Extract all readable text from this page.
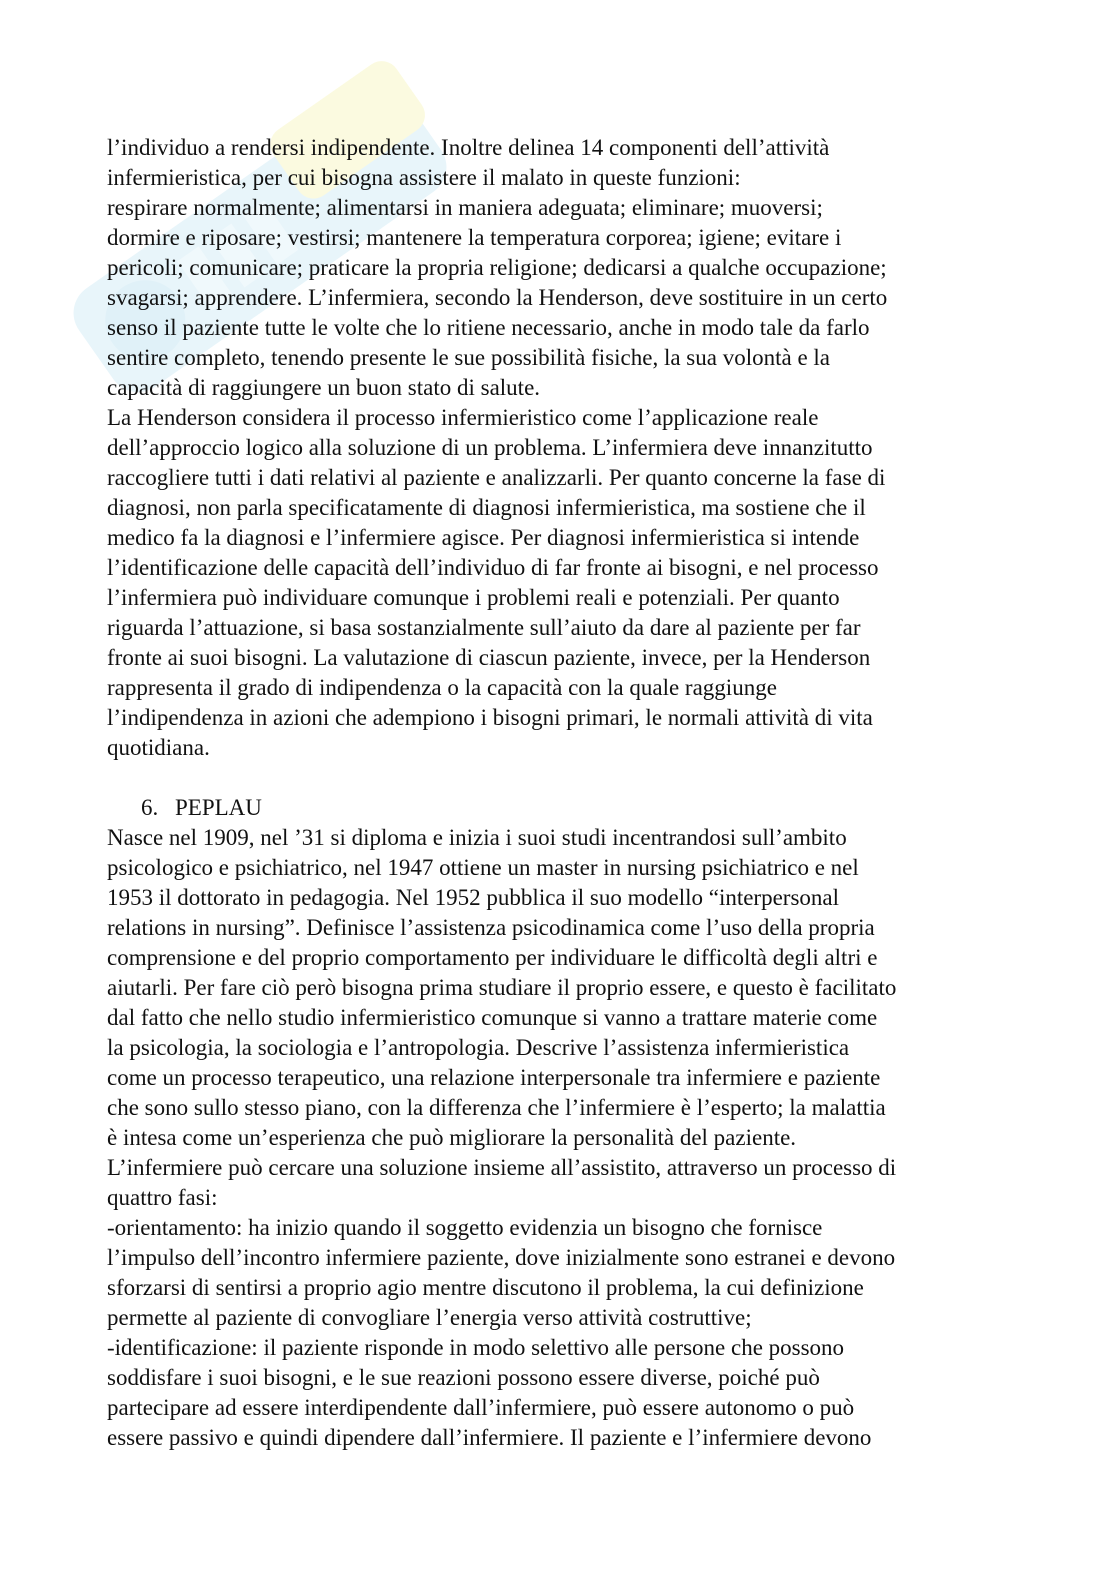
l’individuo a rendersi indipendente. Inoltre delinea 14 componenti dell’attività
infermieristica, per cui bisogna assistere il malato in queste funzioni:
respirare normalmente; alimentarsi in maniera adeguata; eliminare; muoversi;
dormire e riposare; vestirsi; mantenere la temperatura corporea; igiene; evitare i
pericoli; comunicare; praticare la propria religione; dedicarsi a qualche occupazione;
svagarsi; apprendere. L’infermiera, secondo la Henderson, deve sostituire in un certo
senso il paziente tutte le volte che lo ritiene necessario, anche in modo tale da farlo
sentire completo, tenendo presente le sue possibilità fisiche, la sua volontà e la
capacità di raggiungere un buon stato di salute.
La Henderson considera il processo infermieristico come l’applicazione reale
dell’approccio logico alla soluzione di un problema. L’infermiera deve innanzitutto
raccogliere tutti i dati relativi al paziente e analizzarli. Per quanto concerne la fase di
diagnosi, non parla specificatamente di diagnosi infermieristica, ma sostiene che il
medico fa la diagnosi e l’infermiere agisce. Per diagnosi infermieristica si intende
l’identificazione delle capacità dell’individuo di far fronte ai bisogni, e nel processo
l’infermiera può individuare comunque i problemi reali e potenziali. Per quanto
riguarda l’attuazione, si basa sostanzialmente sull’aiuto da dare al paziente per far
fronte ai suoi bisogni. La valutazione di ciascun paziente, invece, per la Henderson
rappresenta il grado di indipendenza o la capacità con la quale raggiunge
l’indipendenza in azioni che adempiono i bisogni primari, le normali attività di vita
quotidiana.
6. PEPLAU
Nasce nel 1909, nel ’31 si diploma e inizia i suoi studi incentrandosi sull’ambito
psicologico e psichiatrico, nel 1947 ottiene un master in nursing psichiatrico e nel
1953 il dottorato in pedagogia. Nel 1952 pubblica il suo modello “interpersonal
relations in nursing”. Definisce l’assistenza psicodinamica come l’uso della propria
comprensione e del proprio comportamento per individuare le difficoltà degli altri e
aiutarli. Per fare ciò però bisogna prima studiare il proprio essere, e questo è facilitato
dal fatto che nello studio infermieristico comunque si vanno a trattare materie come
la psicologia, la sociologia e l’antropologia. Descrive l’assistenza infermieristica
come un processo terapeutico, una relazione interpersonale tra infermiere e paziente
che sono sullo stesso piano, con la differenza che l’infermiere è l’esperto; la malattia
è intesa come un’esperienza che può migliorare la personalità del paziente.
L’infermiere può cercare una soluzione insieme all’assistito, attraverso un processo di
quattro fasi:
-orientamento: ha inizio quando il soggetto evidenzia un bisogno che fornisce
l’impulso dell’incontro infermiere paziente, dove inizialmente sono estranei e devono
sforzarsi di sentirsi a proprio agio mentre discutono il problema, la cui definizione
permette al paziente di convogliare l’energia verso attività costruttive;
-identificazione: il paziente risponde in modo selettivo alle persone che possono
soddisfare i suoi bisogni, e le sue reazioni possono essere diverse, poiché può
partecipare ad essere interdipendente dall’infermiere, può essere autonomo o può
essere passivo e quindi dipendere dall’infermiere. Il paziente e l’infermiere devono
